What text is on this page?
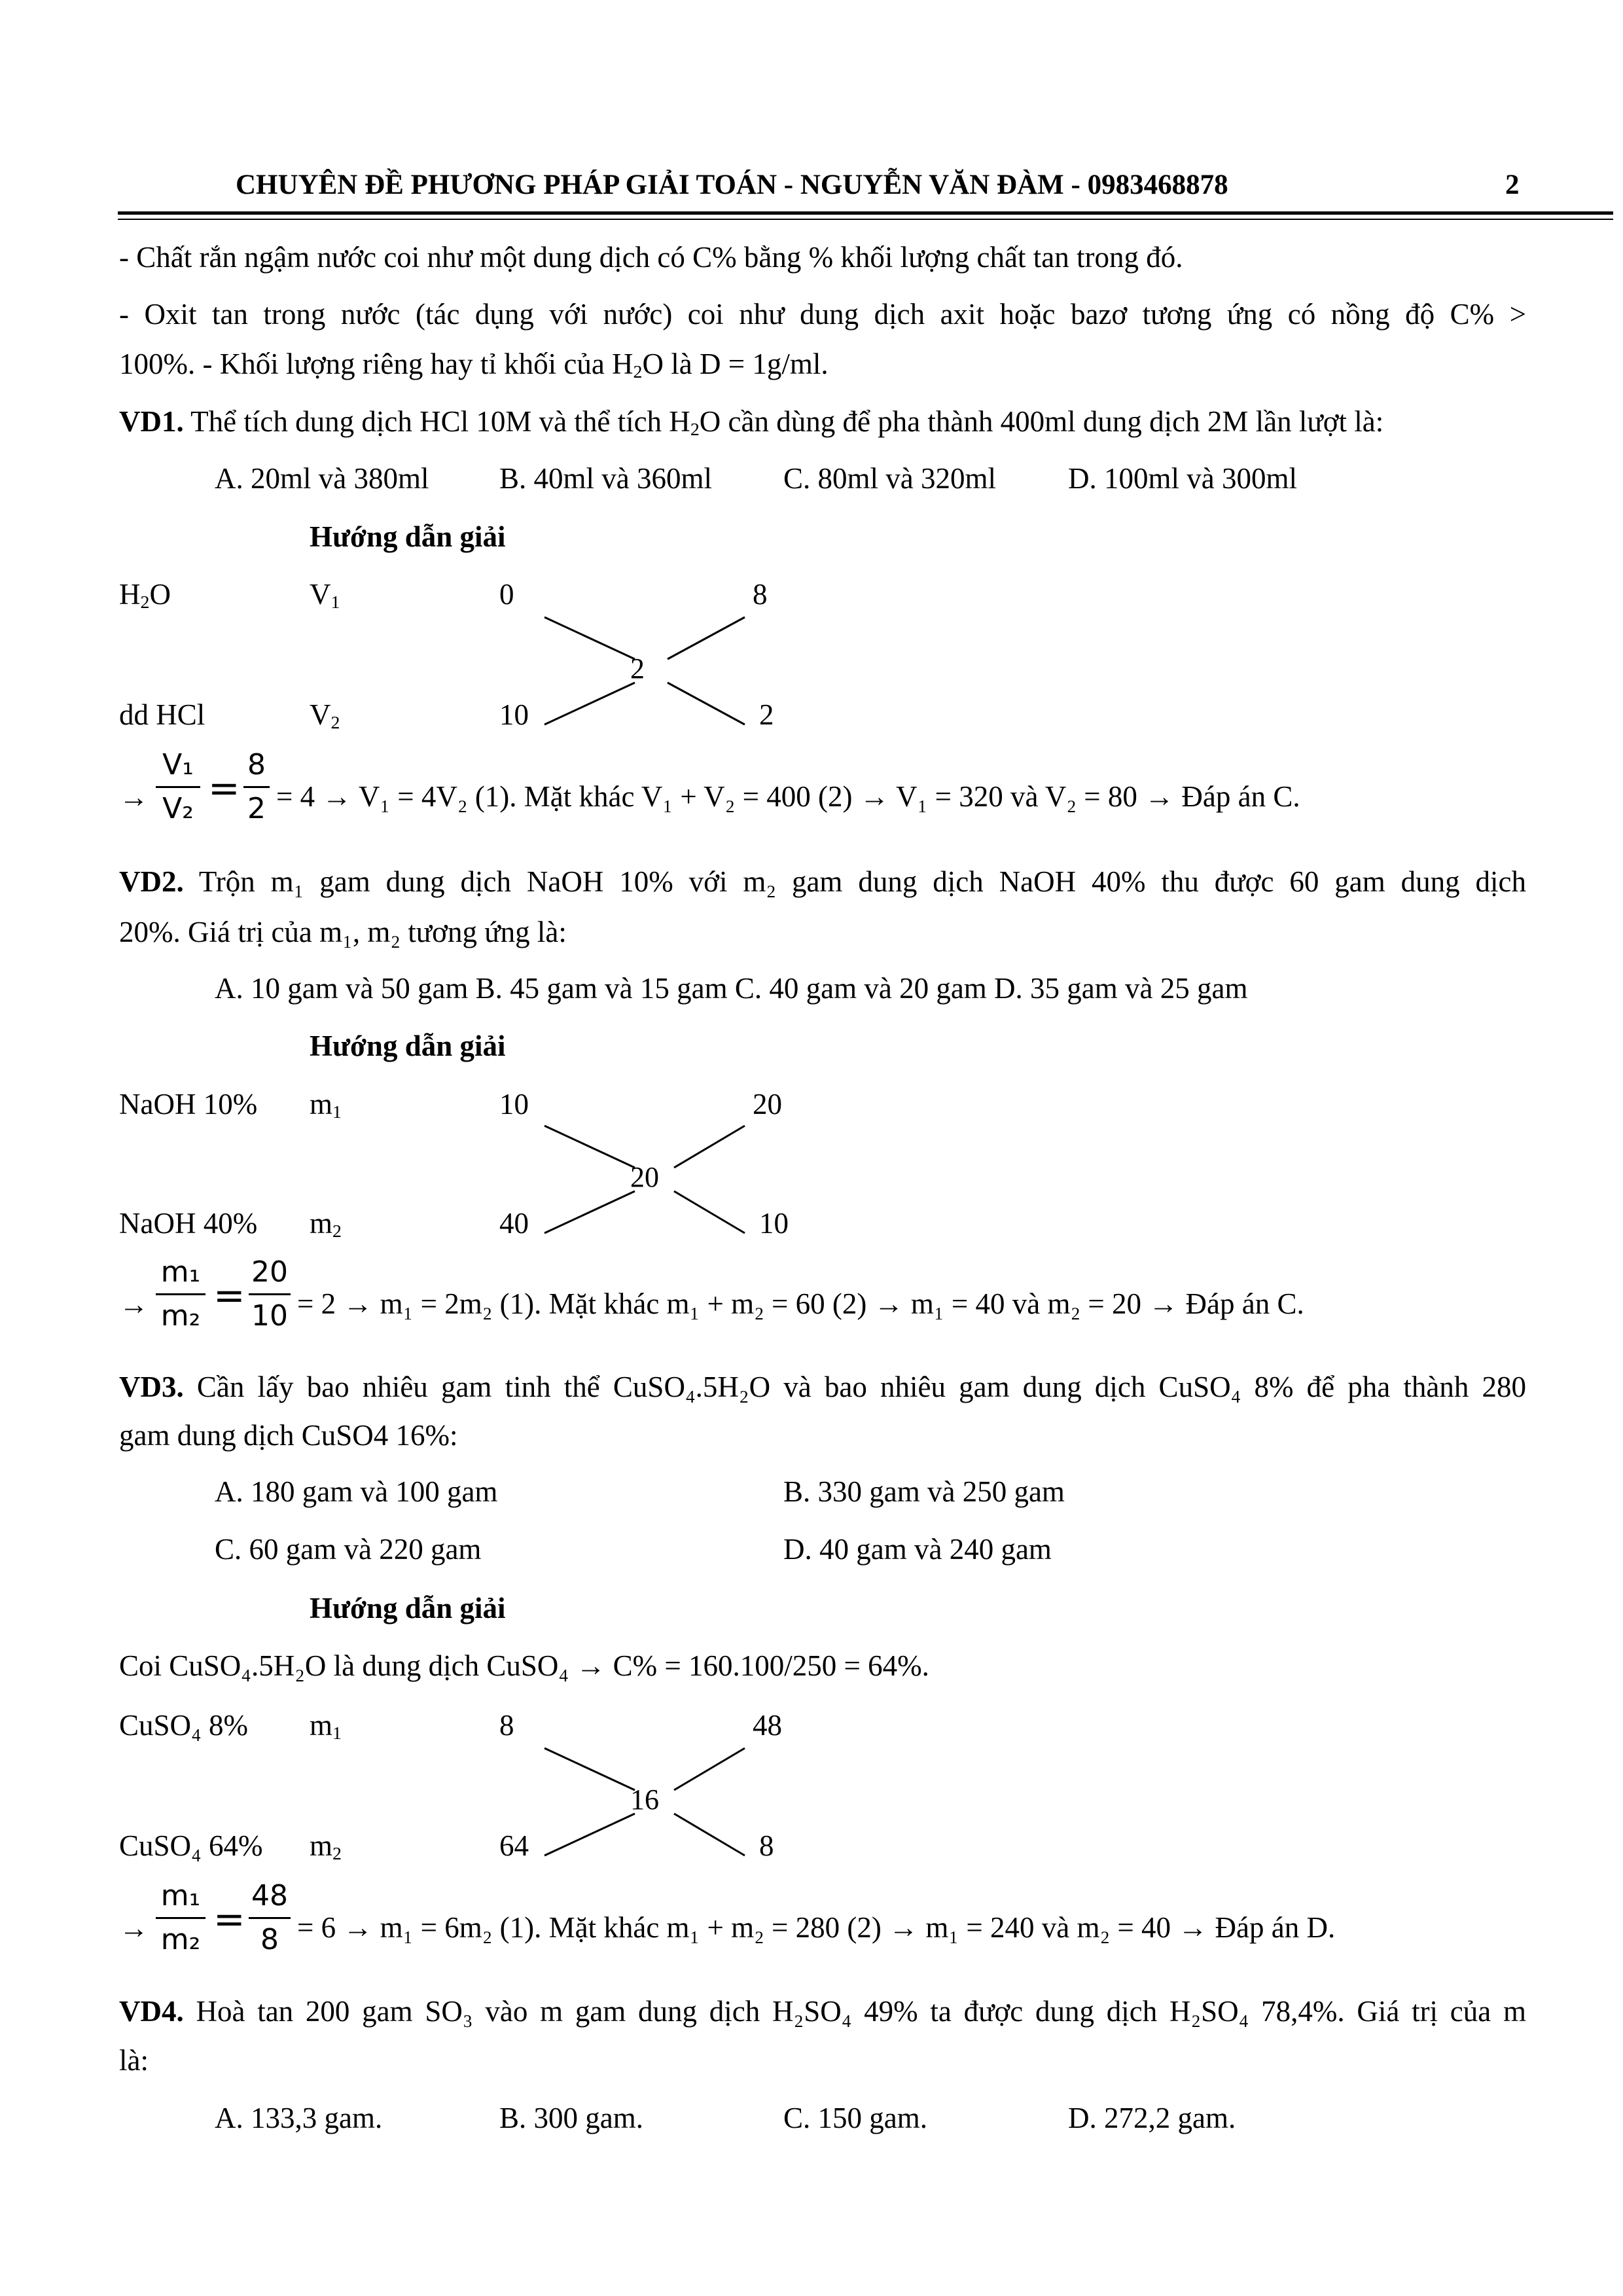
CHUYÊN ĐỀ PHƯƠNG PHÁP GIẢI TOÁN - NGUYỄN VĂN ĐÀM - 0983468878	2
- Chất rắn ngậm nước coi như một dung dịch có C% bằng % khối lượng chất tan trong đó.
- Oxit tan trong nước (tác dụng với nước) coi như dung dịch axit hoặc bazơ tương ứng có nồng độ C% >
100%. - Khối lượng riêng hay tỉ khối của $H_2O$ là D = 1g/ml.
VD1. Thể tích dung dịch HCl 10M và thể tích $H_2O$ cần dùng để pha thành 400ml dung dịch 2M lần lượt là:
A. 20ml và 380ml B. 40ml và 360ml C. 80ml và 320ml D. 100ml và 300ml
Hướng dẫn giải
$H_2O$	$V_1$	0	8
2
dd HCl	$V_2$	10	2
→
V₁
V₂ =
8
2 = 4 → V₁ = 4V₂ (1). Mặt khác V₁ + V₂ = 400 (2) → V₁ = 320 và V₂ = 80 → Đáp án C.
VD2. Trộn m₁ gam dung dịch NaOH 10% với m₂ gam dung dịch NaOH 40% thu được 60 gam dung dịch
20%. Giá trị của m₁, m₂ tương ứng là:
A. 10 gam và 50 gam B. 45 gam và 15 gam C. 40 gam và 20 gam D. 35 gam và 25 gam
Hướng dẫn giải
NaOH 10% $m_1$	10	20
20
NaOH 40% $m_2$	40	10
→
m₁
m₂ =
20
10 = 2 → m₁ = 2m₂ (1). Mặt khác m₁ + m₂ = 60 (2) → m₁ = 40 và m₂ = 20 → Đáp án C.
VD3. Cần lấy bao nhiêu gam tinh thể CuSO₄.5H₂O và bao nhiêu gam dung dịch CuSO₄ 8% để pha thành 280
gam dung dịch CuSO4 16%:
A. 180 gam và 100 gam	B. 330 gam và 250 gam
C. 60 gam và 220 gam	D. 40 gam và 240 gam
Hướng dẫn giải
Coi CuSO₄.5H₂O là dung dịch CuSO₄ → C% = 160.100/250 = 64%.
CuSO₄ 8% $m_1$	8	48
16
CuSO₄ 64% $m_2$	64	8
→
m₁
m₂ =
48
8 = 6 → m₁ = 6m₂ (1). Mặt khác m₁ + m₂ = 280 (2) → m₁ = 240 và m₂ = 40 → Đáp án D.
VD4. Hoà tan 200 gam SO₃ vào m gam dung dịch H₂SO₄ 49% ta được dung dịch H₂SO₄ 78,4%. Giá trị của m
là:
A. 133,3 gam.	B. 300 gam.	C. 150 gam.	D. 272,2 gam.
